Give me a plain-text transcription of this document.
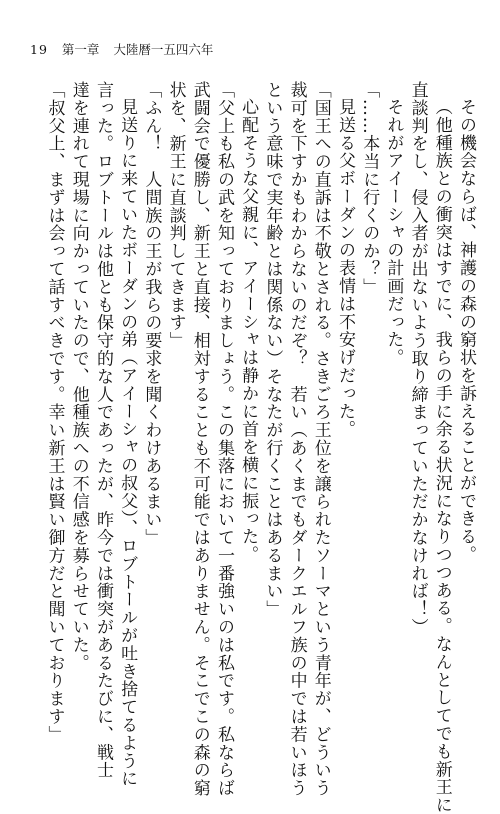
19 第一章 大陸暦一五四六年
その機会ならば、神護の森の窮状を訴えることができる。
（他種族との衝突はすでに、我らの手に余る状況になりつつある。なんとしてでも新王に
直談判をし、侵入者が出ないよう取り締まっていただかなければ！）
それがアイーシャの計画だった。
「……本当に行くのか？」
見送る父ボーダンの表情は不安げだった。
「国王への直訴は不敬とされる。さきごろ王位を譲られたソーマという青年が、どういう
裁可を下すかもわからないのだぞ？　若い（あくまでもダークエルフ族の中では若いほう
という意味で実年齢とは関係ない）そなたが行くことはあるまい」
心配そうな父親に、アイーシャは静かに首を横に振った。
「父上も私の武を知っておりましょう。この集落において一番強いのは私です。私ならば
武闘会で優勝し、新王と直接、相対することも不可能ではありません。そこでこの森の窮
状を、新王に直談判してきます」
「ふん！　人間族の王が我らの要求を聞くわけあるまい」
見送りに来ていたボーダンの弟（アイーシャの叔父）、ロブトールが吐き捨てるように
言った。ロブトールは他とも保守的な人であったが、昨今では衝突があるたびに、戦士
達を連れて現場に向かっていたので、他種族への不信感を募らせていた。
「叔父上、まずは会って話すべきです。幸い新王は賢い御方だと聞いております」
